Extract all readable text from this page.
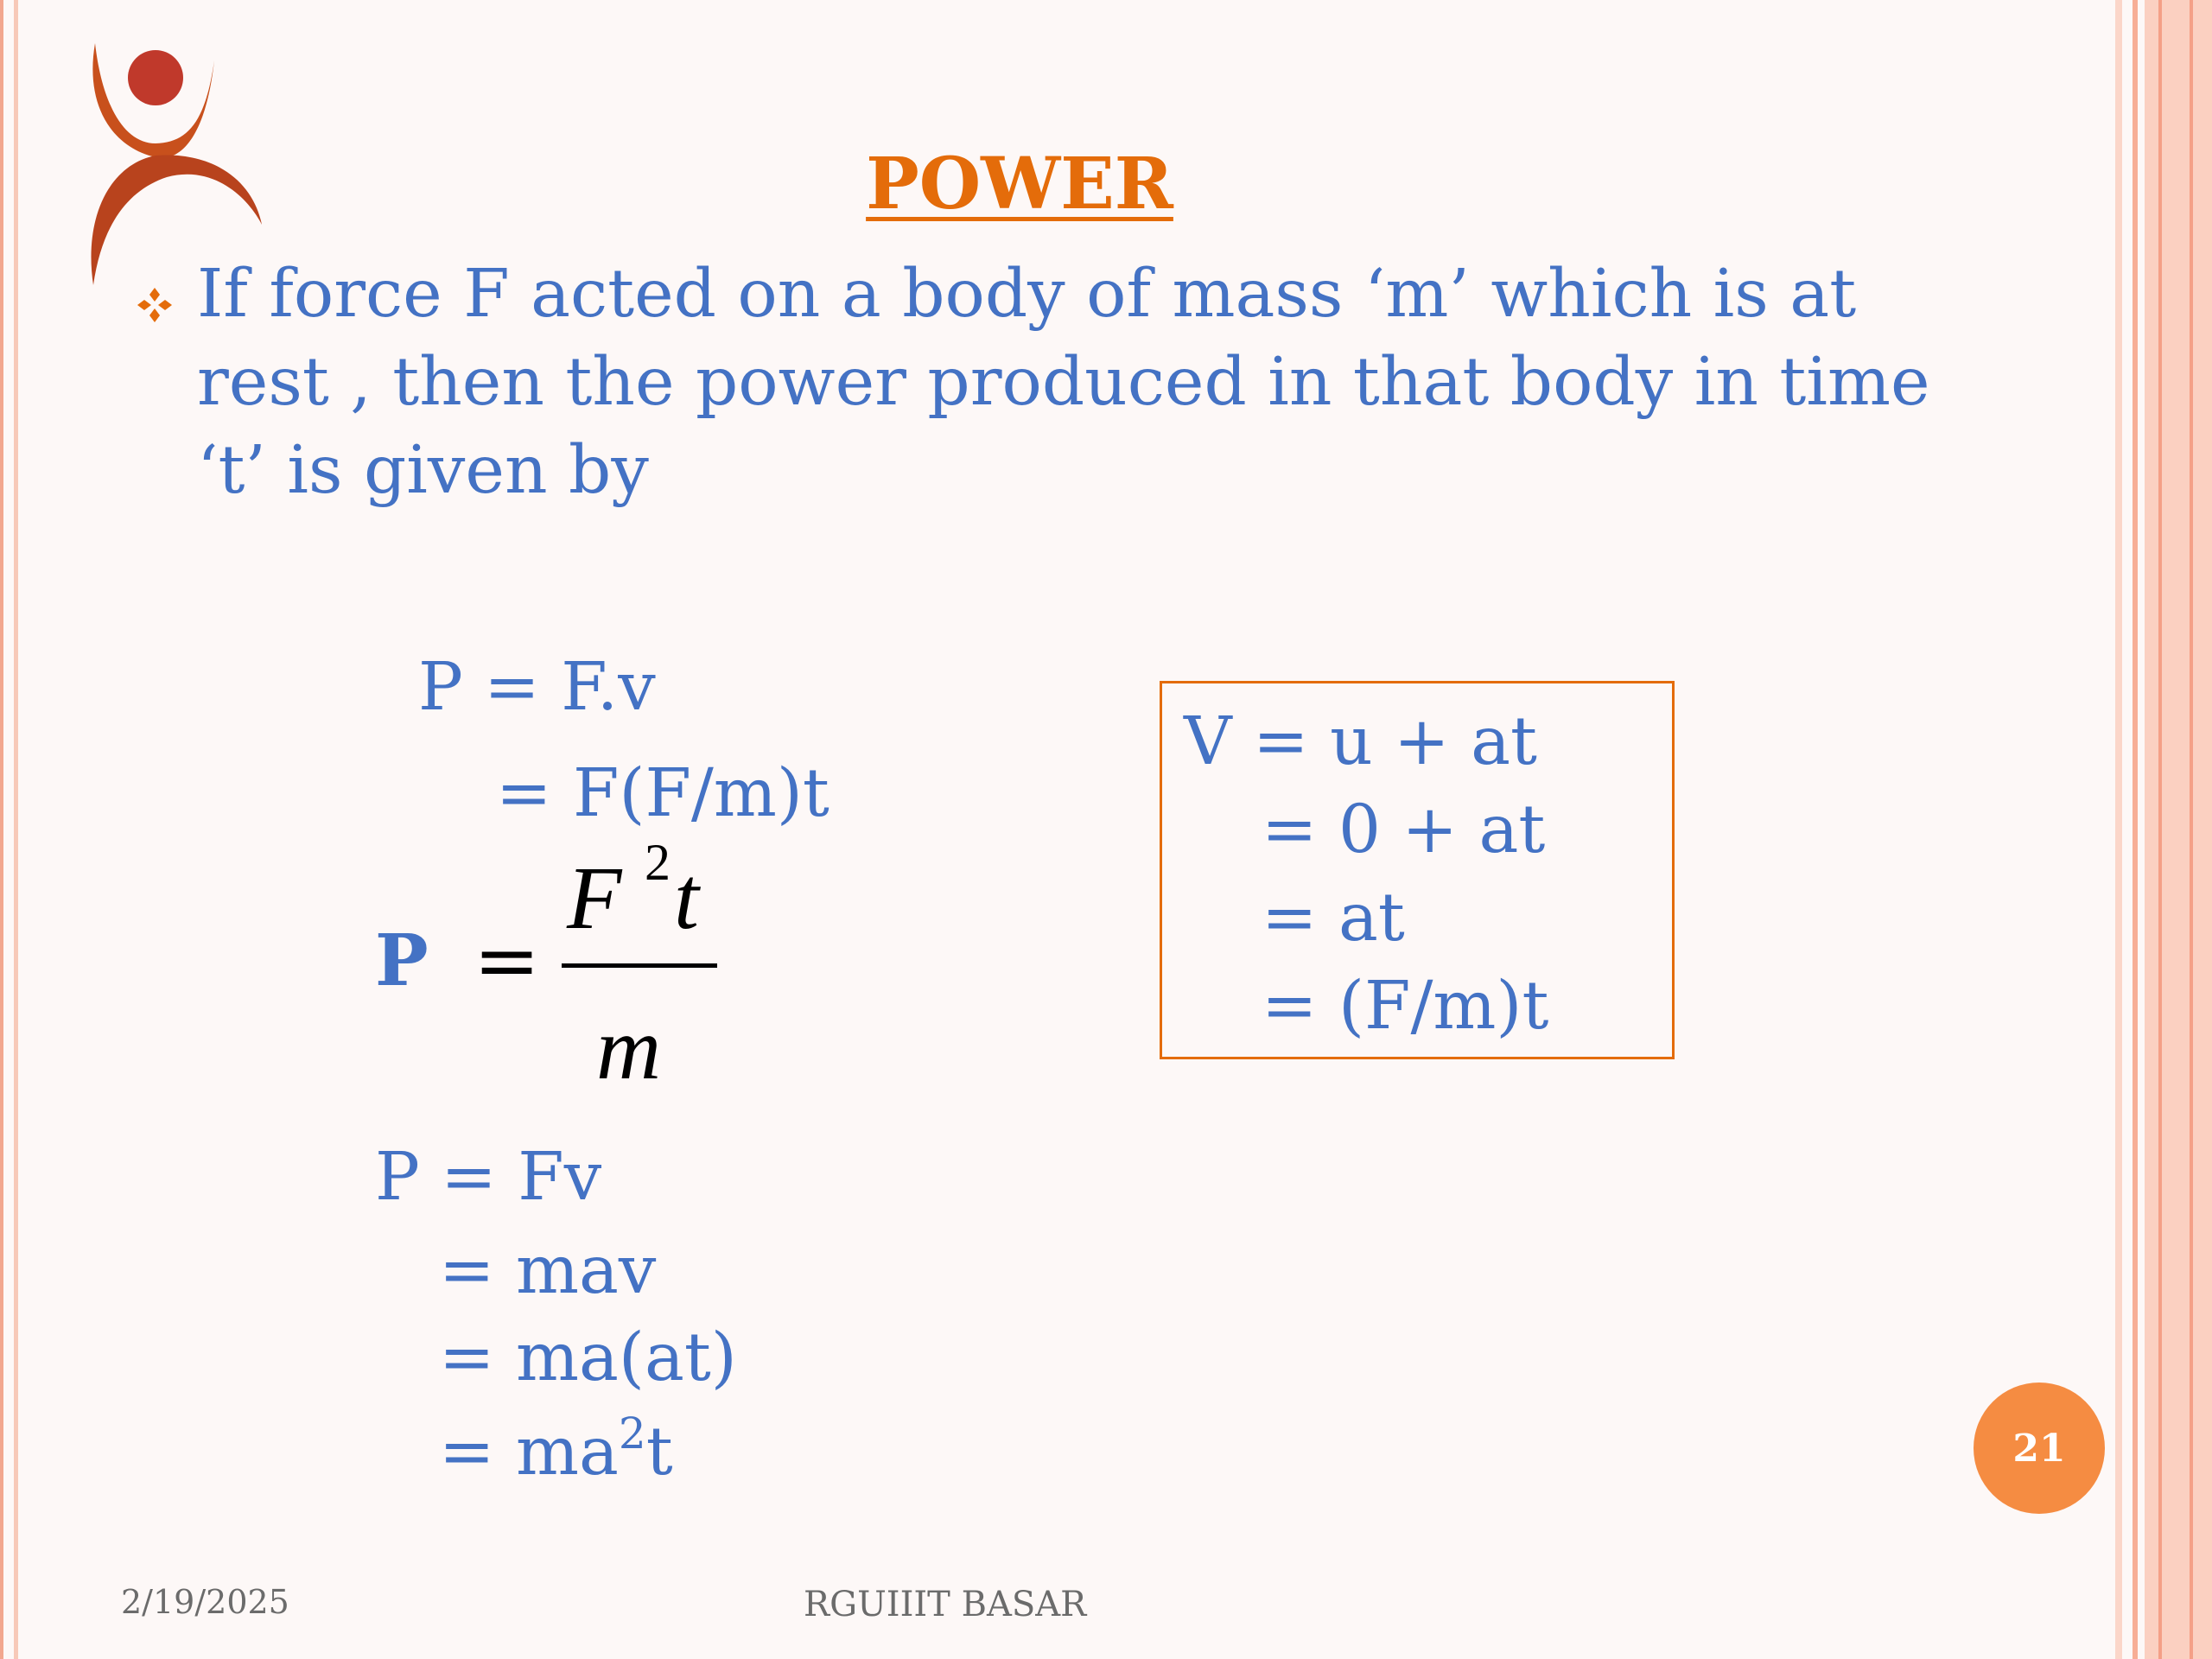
POWER
If force F acted on a body of mass ‘m’ which is at rest , then the power produced in that body in time ‘t’ is given by
P = F.v
= F(F/m)t
P =
F 2 t
m
P = Fv
= mav
= ma(at)
= $ma^2t$
V = u + at
= 0 + at
= at
= (F/m)t
21
2/19/2025	RGUIIIT BASAR
